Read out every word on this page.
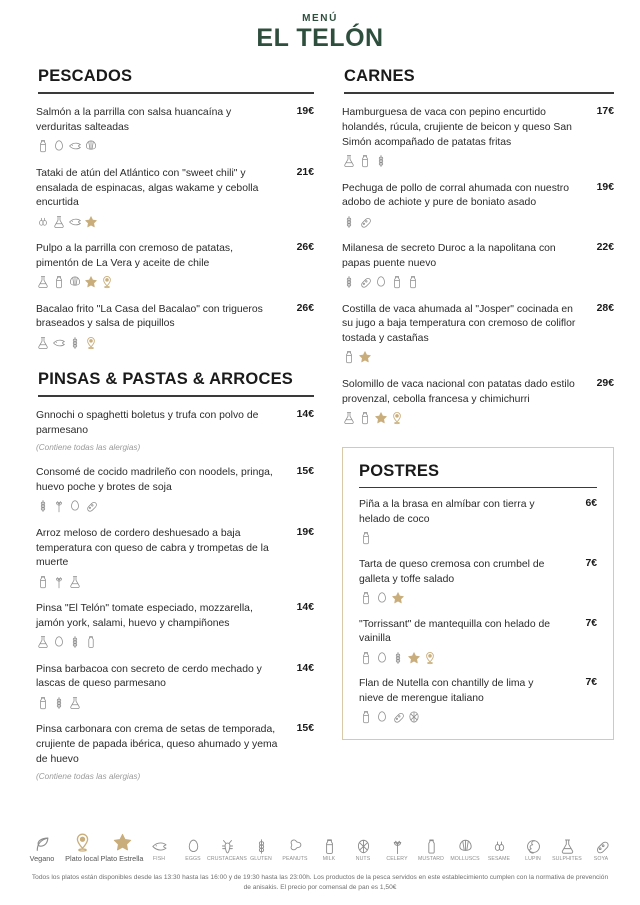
MENÚ
EL TELÓN
PESCADOS

Salmón a la parrilla con salsa huancaína y verduritas salteadas

19€

Tataki de atún del Atlántico con "sweet chili" y ensalada de espinacas, algas wakame y cebolla encurtida

21€

Pulpo a la parrilla con cremoso de patatas, pimentón de La Vera y aceite de chile

26€

Bacalao frito "La Casa del Bacalao" con trigueros braseados y salsa de piquillos

26€
PINSAS & PASTAS & ARROCES

Gnnochi o spaghetti boletus y trufa con polvo de parmesano

(Contiene todas las alergias)
14€

Consomé de cocido madrileño con noodels, pringa, huevo poche y brotes de soja

15€

Arroz meloso de cordero deshuesado a baja temperatura con queso de cabra y trompetas de la muerte

19€

Pinsa "El Telón" tomate especiado, mozzarella, jamón york, salami, huevo y champiñones

14€

Pinsa barbacoa con secreto de cerdo mechado y lascas de queso parmesano

14€

Pinsa carbonara con crema de setas de temporada, crujiente de papada ibérica, queso ahumado y yema de huevo

(Contiene todas las alergias)
15€
CARNES

Hamburguesa de vaca con pepino encurtido holandés, rúcula, crujiente de beicon y queso San Simón acompañado de patatas fritas

17€

Pechuga de pollo de corral ahumada con nuestro adobo de achiote y pure de boniato asado

19€

Milanesa de secreto Duroc a la napolitana con papas puente nuevo

22€

Costilla de vaca ahumada al "Josper" cocinada en su jugo a baja temperatura con cremoso de coliflor tostada y castañas

28€

Solomillo de vaca nacional con patatas dado estilo provenzal, cebolla francesa y chimichurri

29€
POSTRES

Piña a la brasa en almíbar con tierra y helado de coco

6€

Tarta de queso cremosa con crumbel de galleta y toffe salado

7€

"Torrissant" de mantequilla con helado de vainilla

7€

Flan de Nutella con chantilly de lima y nieve de merengue italiano

7€
Vegano Plato local Plato Estrella FISH	EGGS CRUSTACEANS GLUTEN PEANUTS	MILK	NUTS	CELERY MUSTARD MOLLUSCS SESAME	LUPIN SULPHITES SOYA
Todos los platos están disponibles desde las 13:30 hasta las 16:00 y de 19:30 hasta las 23:00h. Los productos de la pesca servidos en este establecimiento cumplen con la normativa de prevención de anisakis. El precio por comensal de pan es 1,50€
